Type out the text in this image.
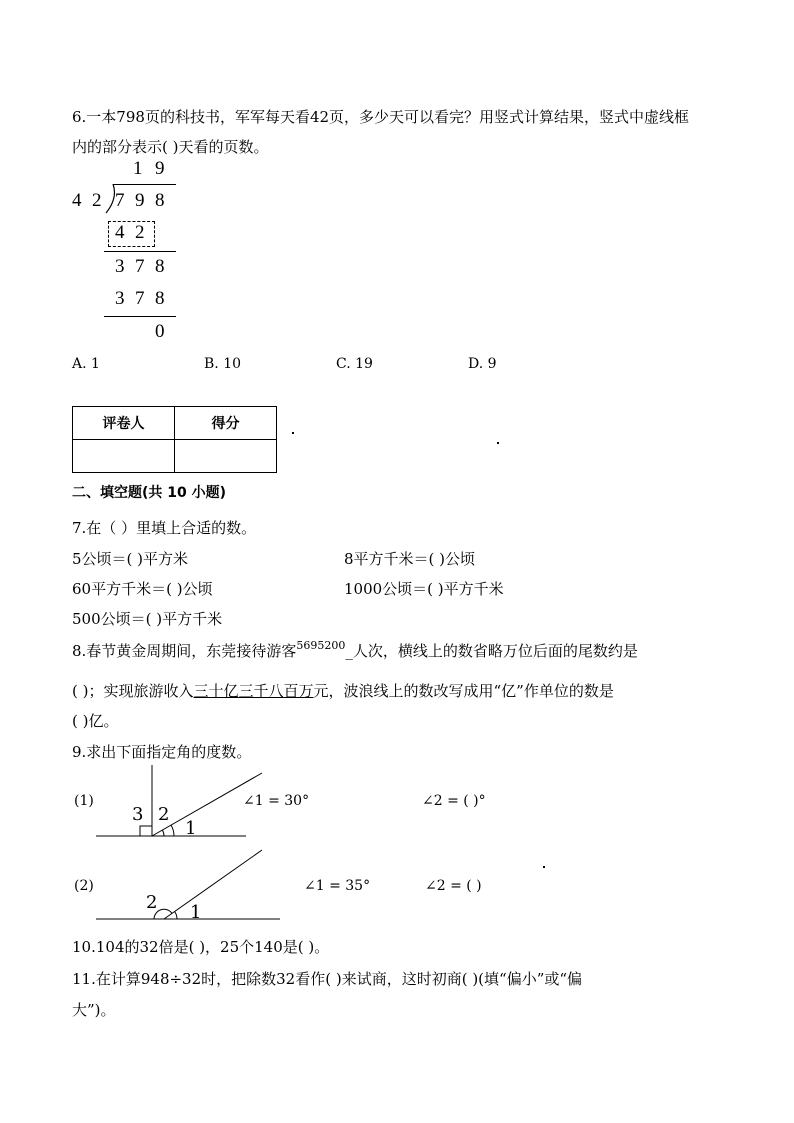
6.一本798页的科技书，军军每天看42页，多少天可以看完？用竖式计算结果，竖式中虚线框
内的部分表示( )天看的页数。
1 9
4 2 7 9 8
4 2
3 7 8
3 7 8
0
A. 1	B. 10	C. 19	D. 9
评卷人	得分

二、填空题(共 10 小题)
7.在（ ）里填上合适的数。
5公顷＝( )平方米	8平方千米＝( )公顷
60平方千米＝( )公顷	1000公顷＝( )平方千米
500公顷＝( )平方千米
8.春节黄金周期间，东莞接待游客$^{5695200}$_人次，横线上的数省略万位后面的尾数约是
( )；实现旅游收入三十亿三千八百万元，波浪线上的数改写成用“亿”作单位的数是
( )亿。
9.求出下面指定角的度数。
(1)
3 2
1
∠1 = 30°	∠2 = ( )°
(2)
2 1
∠1 = 35°	∠2 = ( )
10.104的32倍是( )，25个140是( )。
11.在计算948÷32时，把除数32看作( )来试商，这时初商( )(填“偏小”或“偏
大”)。
